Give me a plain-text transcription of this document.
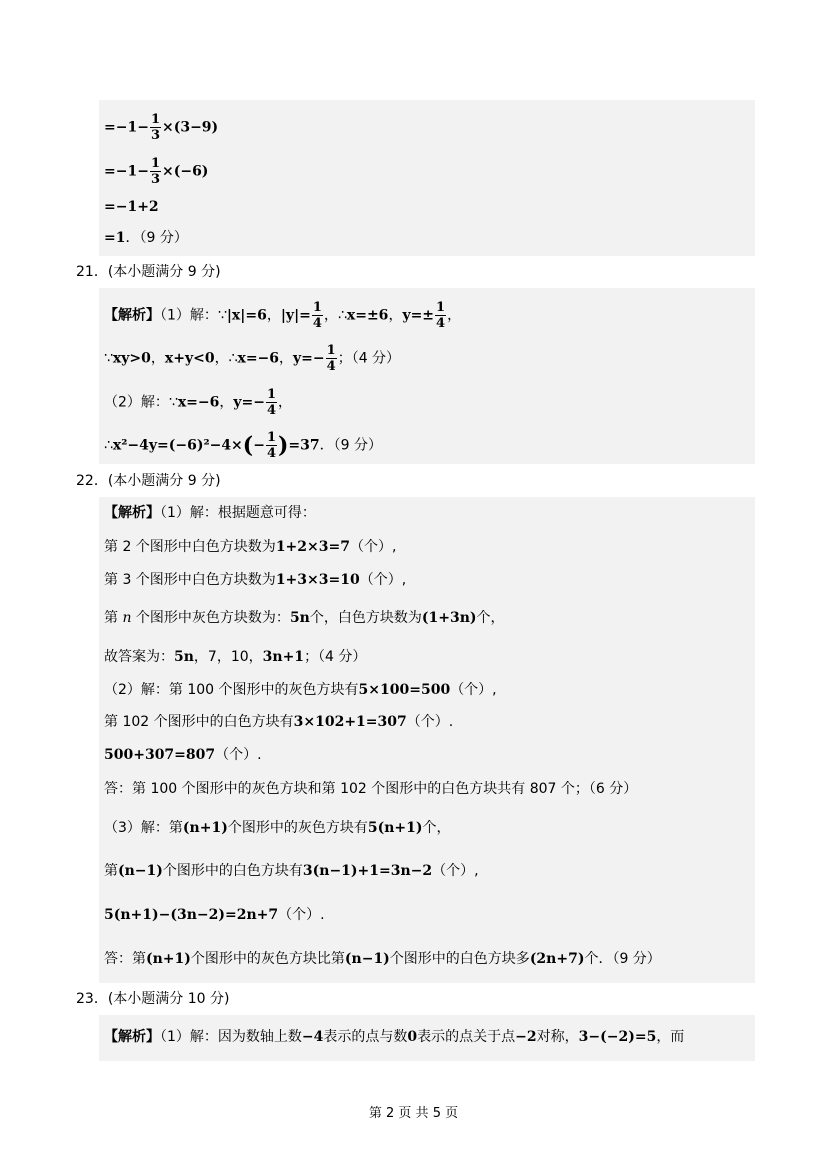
$=-1- \frac{1}{3} \times(3-9)$
$=-1- \frac{1}{3} \times(-6)$
=−1+2
=1．（9 分）
21．(本小题满分 9 分)
【解析】（1）解：∵|x|=6，$|y|= \frac{1}{4}$ ，∴x=±6，$y=\pm \frac{1}{4}$ ，
∵xy>0，x+y<0，∴x=−6，$y=- \frac{1}{4}$ ；（4 分）
（2）解：∵x=−6，$y=- \frac{1}{4}$ ，
∴x²−4y=(−6)²−4×(− $\frac{1}{4} )=37$．（9 分）
22．(本小题满分 9 分)
【解析】（1）解：根据题意可得：
第 2 个图形中白色方块数为1+2×3=7（个）,
第 3 个图形中白色方块数为1+3×3=10（个）,
第 n 个图形中灰色方块数为：5n个，白色方块数为(1+3n)个，
故答案为：5n，7，10，3n+1；（4 分）
（2）解：第 100 个图形中的灰色方块有5×100=500（个）,
第 102 个图形中的白色方块有3×102+1=307（个）.
500+307=807（个）.
答：第 100 个图形中的灰色方块和第 102 个图形中的白色方块共有 807 个；（6 分）
（3）解：第(n+1)个图形中的灰色方块有5(n+1)个，
第(n−1)个图形中的白色方块有3(n−1)+1=3n−2（个）,
5(n+1)−(3n−2)=2n+7（个）.
答：第(n+1)个图形中的灰色方块比第(n−1)个图形中的白色方块多(2n+7)个．（9 分）
23．(本小题满分 10 分)
【解析】（1）解：因为数轴上数−4表示的点与数0表示的点关于点−2对称，3−(−2)=5，而
第 2 页 共 5 页
